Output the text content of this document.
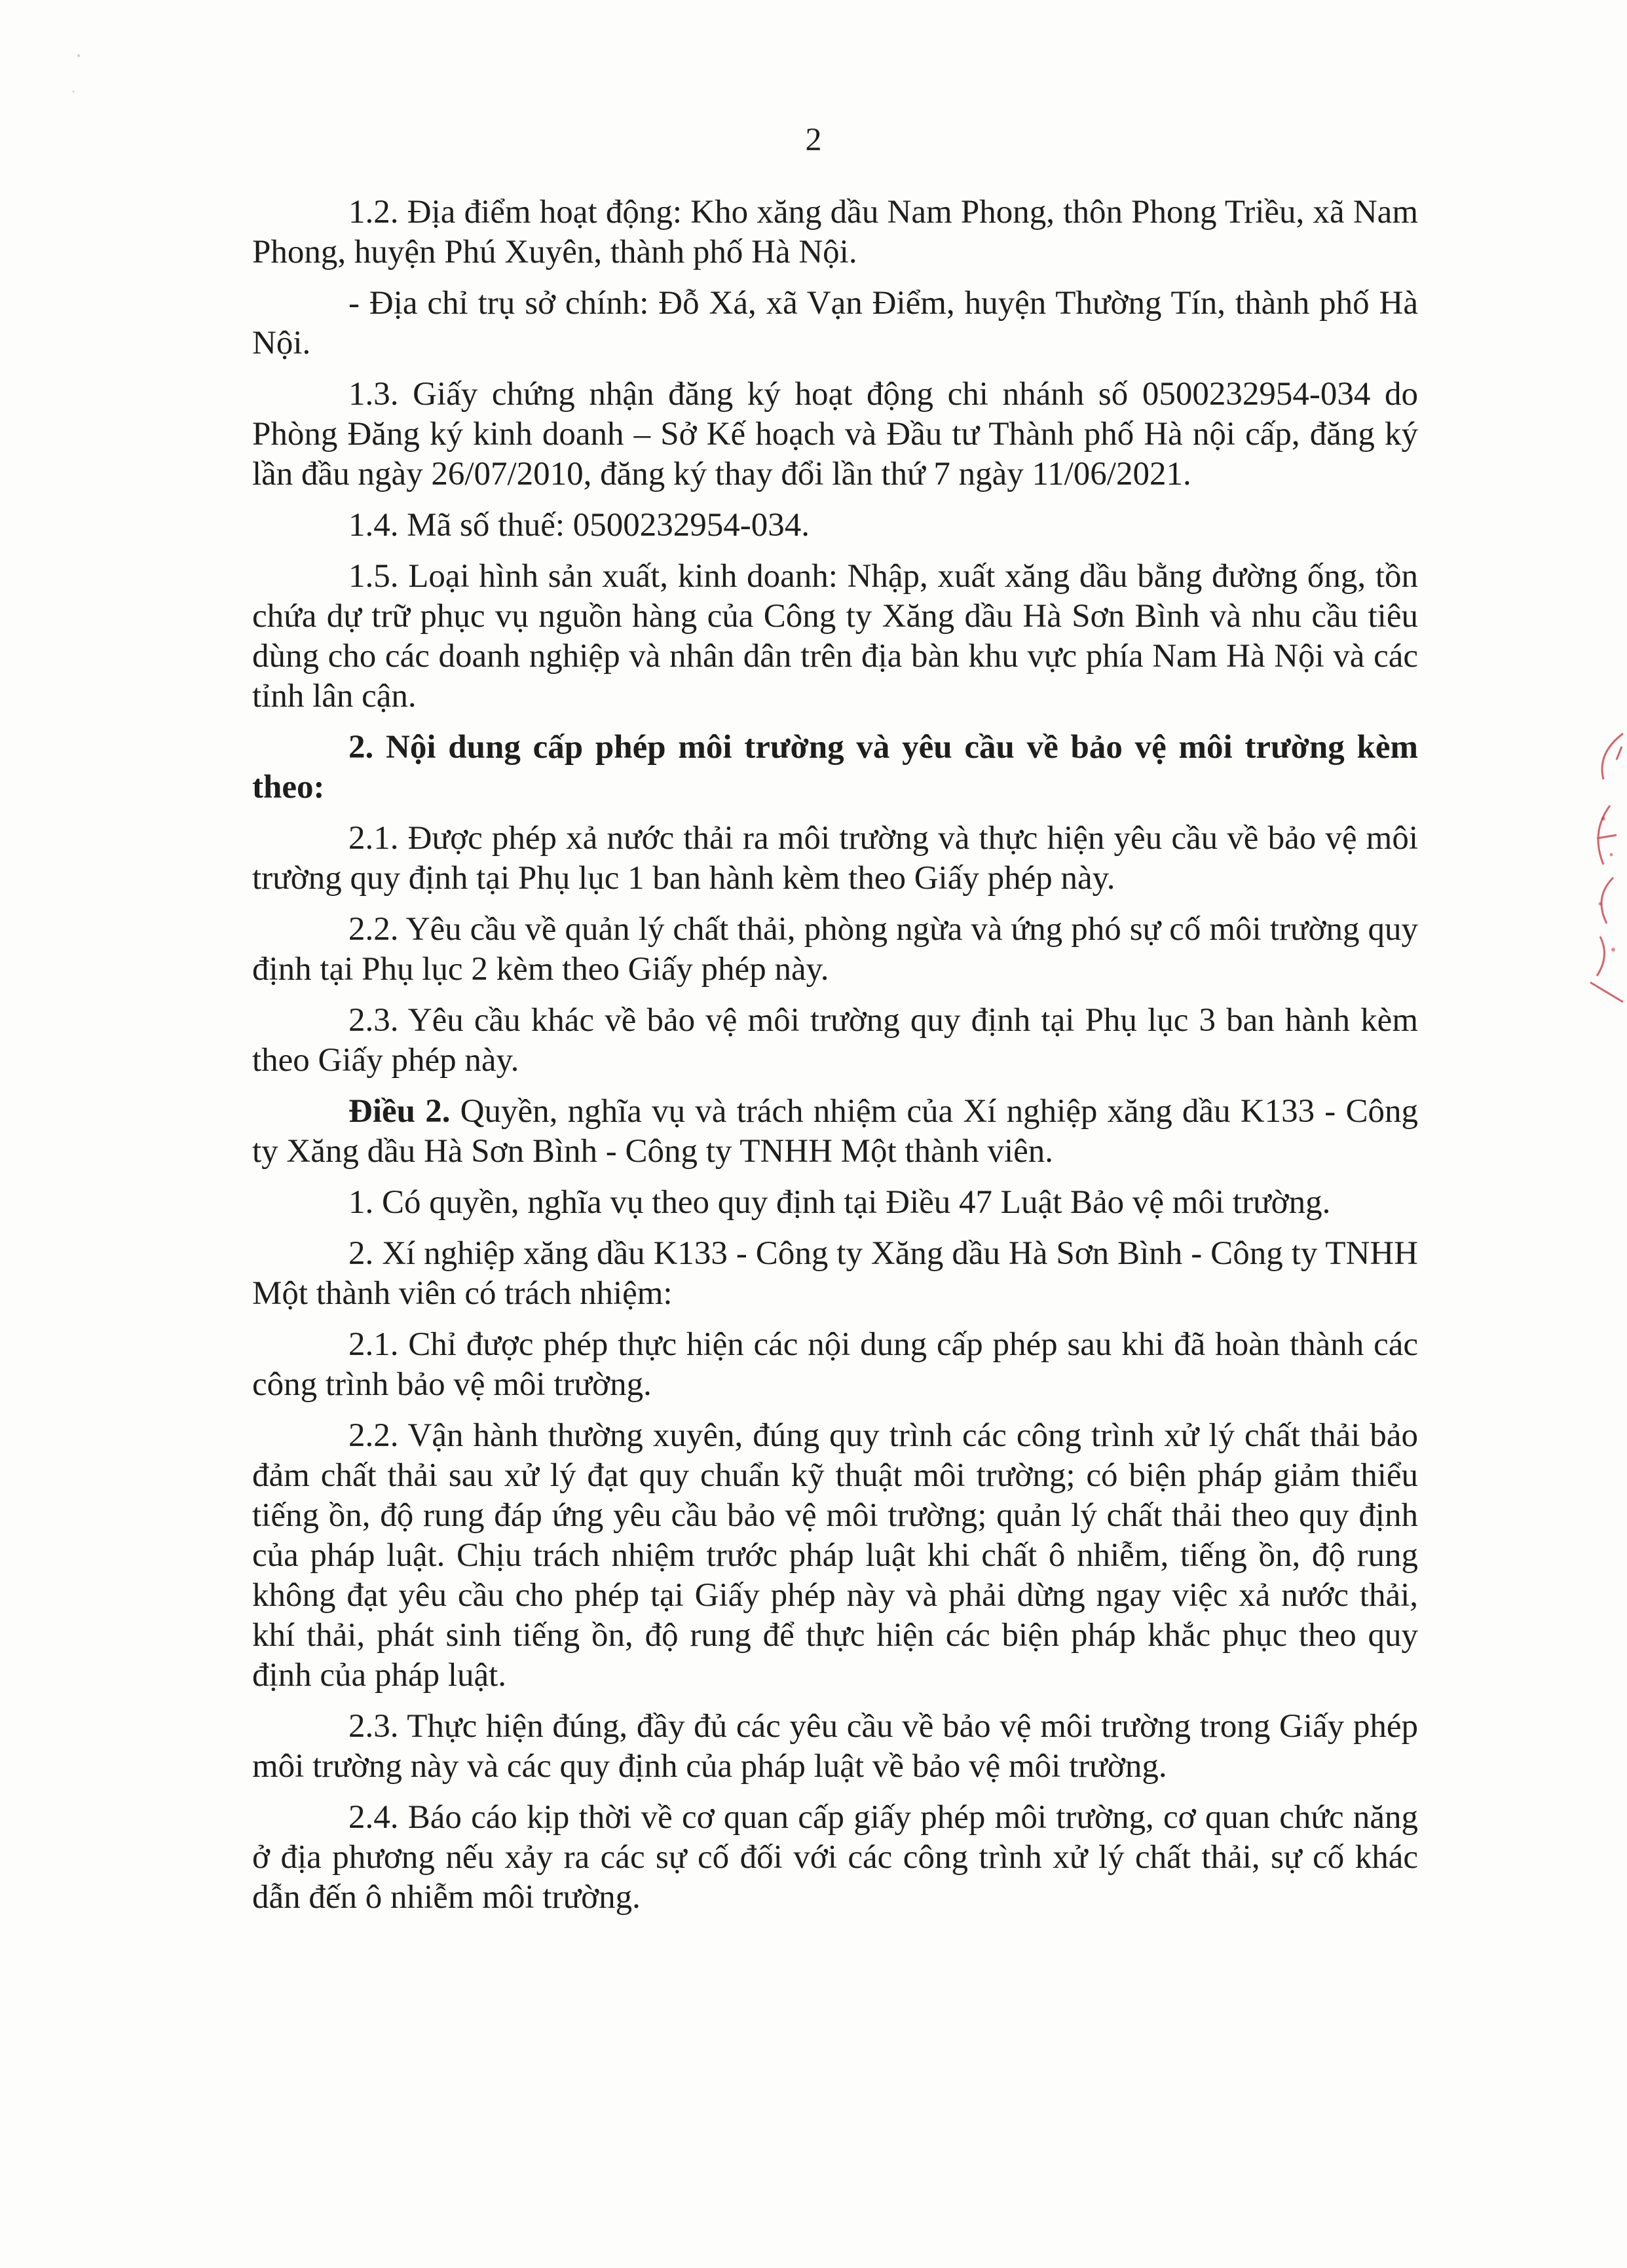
2

1.2. Địa điểm hoạt động: Kho xăng dầu Nam Phong, thôn Phong Triều, xã Nam Phong, huyện Phú Xuyên, thành phố Hà Nội.

- Địa chỉ trụ sở chính: Đỗ Xá, xã Vạn Điểm, huyện Thường Tín, thành phố Hà Nội.

1.3. Giấy chứng nhận đăng ký hoạt động chi nhánh số 0500232954-034 do Phòng Đăng ký kinh doanh – Sở Kế hoạch và Đầu tư Thành phố Hà nội cấp, đăng ký lần đầu ngày 26/07/2010, đăng ký thay đổi lần thứ 7 ngày 11/06/2021.

1.4. Mã số thuế: 0500232954-034.

1.5. Loại hình sản xuất, kinh doanh: Nhập, xuất xăng dầu bằng đường ống, tồn chứa dự trữ phục vụ nguồn hàng của Công ty Xăng dầu Hà Sơn Bình và nhu cầu tiêu dùng cho các doanh nghiệp và nhân dân trên địa bàn khu vực phía Nam Hà Nội và các tỉnh lân cận.

2. Nội dung cấp phép môi trường và yêu cầu về bảo vệ môi trường kèm theo:

2.1. Được phép xả nước thải ra môi trường và thực hiện yêu cầu về bảo vệ môi trường quy định tại Phụ lục 1 ban hành kèm theo Giấy phép này.

2.2. Yêu cầu về quản lý chất thải, phòng ngừa và ứng phó sự cố môi trường quy định tại Phụ lục 2 kèm theo Giấy phép này.

2.3. Yêu cầu khác về bảo vệ môi trường quy định tại Phụ lục 3 ban hành kèm theo Giấy phép này.

Điều 2. Quyền, nghĩa vụ và trách nhiệm của Xí nghiệp xăng dầu K133 - Công ty Xăng dầu Hà Sơn Bình - Công ty TNHH Một thành viên.

1. Có quyền, nghĩa vụ theo quy định tại Điều 47 Luật Bảo vệ môi trường.

2. Xí nghiệp xăng dầu K133 - Công ty Xăng dầu Hà Sơn Bình - Công ty TNHH Một thành viên có trách nhiệm:

2.1. Chỉ được phép thực hiện các nội dung cấp phép sau khi đã hoàn thành các công trình bảo vệ môi trường.

2.2. Vận hành thường xuyên, đúng quy trình các công trình xử lý chất thải bảo đảm chất thải sau xử lý đạt quy chuẩn kỹ thuật môi trường; có biện pháp giảm thiểu tiếng ồn, độ rung đáp ứng yêu cầu bảo vệ môi trường; quản lý chất thải theo quy định của pháp luật. Chịu trách nhiệm trước pháp luật khi chất ô nhiễm, tiếng ồn, độ rung không đạt yêu cầu cho phép tại Giấy phép này và phải dừng ngay việc xả nước thải, khí thải, phát sinh tiếng ồn, độ rung để thực hiện các biện pháp khắc phục theo quy định của pháp luật.

2.3. Thực hiện đúng, đầy đủ các yêu cầu về bảo vệ môi trường trong Giấy phép môi trường này và các quy định của pháp luật về bảo vệ môi trường.

2.4. Báo cáo kịp thời về cơ quan cấp giấy phép môi trường, cơ quan chức năng ở địa phương nếu xảy ra các sự cố đối với các công trình xử lý chất thải, sự cố khác dẫn đến ô nhiễm môi trường.
